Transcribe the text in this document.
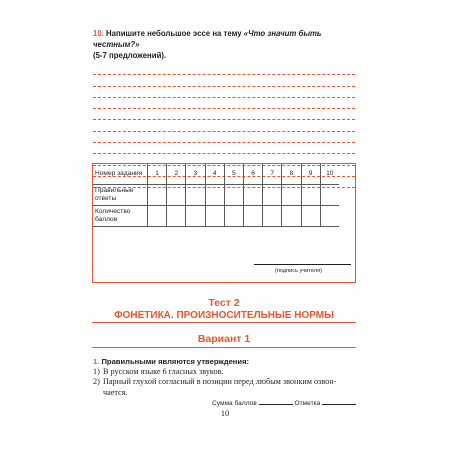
10. Напишите небольшое эссе на тему «Что значит быть честным?»
(5-7 предложений).
Номер задания	1	2	3	4	5	6	7	8	9	10
Правильные ответы										
Количество баллов										
Сумма баллов	Отметка
(подпись учителя)
Тест 2
ФОНЕТИКА. ПРОИЗНОСИТЕЛЬНЫЕ НОРМЫ
Вариант 1
1. Правильными являются утверждения:
1) В русском языке 6 гласных звуков.
2) Парный глухой согласный в позиции перед любым звонким озвон-
чается.
10
